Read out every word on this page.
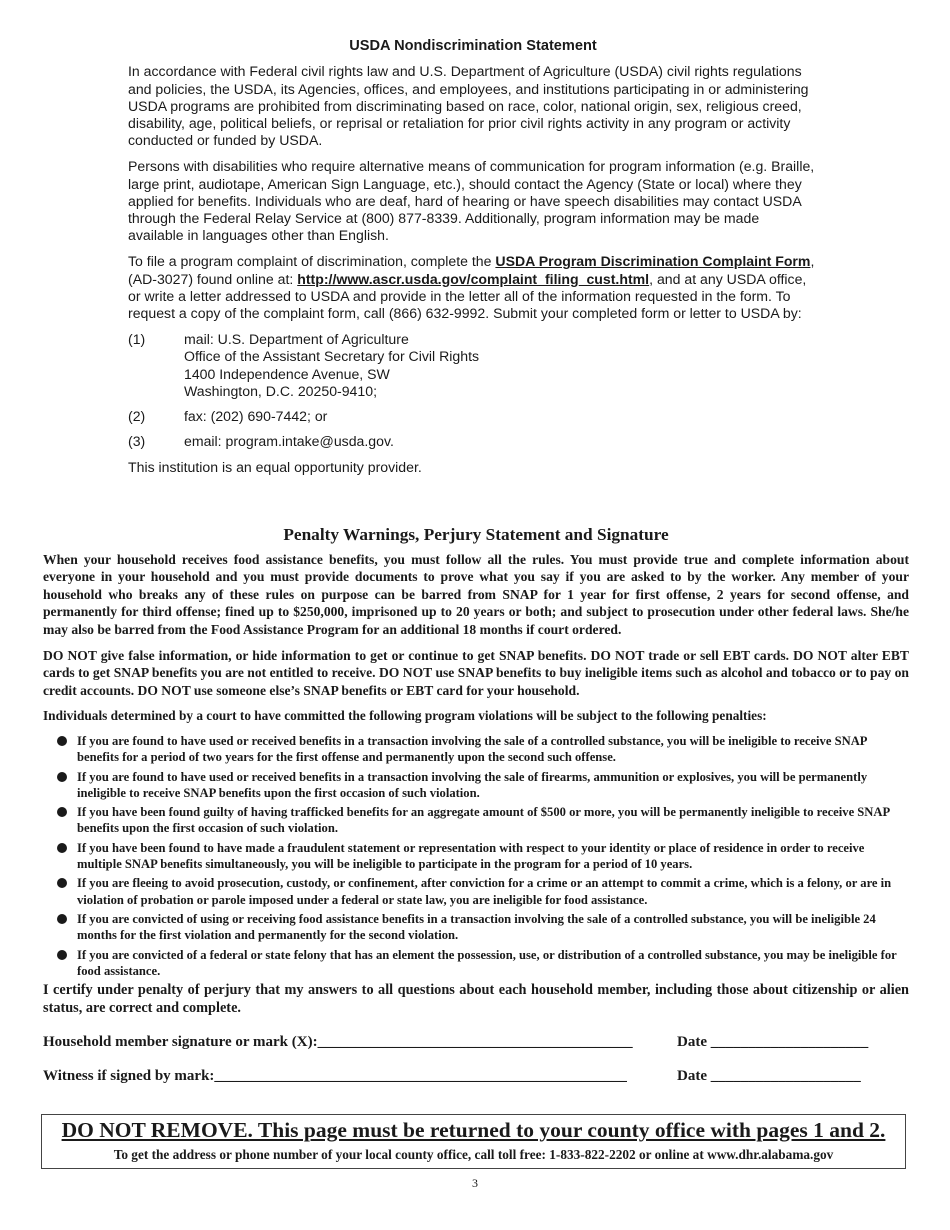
USDA Nondiscrimination Statement

In accordance with Federal civil rights law and U.S. Department of Agriculture (USDA) civil rights regulations and policies, the USDA, its Agencies, offices, and employees, and institutions participating in or administering USDA programs are prohibited from discriminating based on race, color, national origin, sex, religious creed, disability, age, political beliefs, or reprisal or retaliation for prior civil rights activity in any program or activity conducted or funded by USDA.

Persons with disabilities who require alternative means of communication for program information (e.g. Braille, large print, audiotape, American Sign Language, etc.), should contact the Agency (State or local) where they applied for benefits. Individuals who are deaf, hard of hearing or have speech disabilities may contact USDA through the Federal Relay Service at (800) 877-8339. Additionally, program information may be made available in languages other than English.

To file a program complaint of discrimination, complete the USDA Program Discrimination Complaint Form, (AD-3027) found online at: http://www.ascr.usda.gov/complaint_filing_cust.html, and at any USDA office, or write a letter addressed to USDA and provide in the letter all of the information requested in the form. To request a copy of the complaint form, call (866) 632-9992. Submit your completed form or letter to USDA by:

(1)	mail: U.S. Department of Agriculture
Office of the Assistant Secretary for Civil Rights
1400 Independence Avenue, SW
Washington, D.C. 20250-9410;
(2)	fax: (202) 690-7442; or
(3)	email: program.intake@usda.gov.

This institution is an equal opportunity provider.

Penalty Warnings, Perjury Statement and Signature

When your household receives food assistance benefits, you must follow all the rules. You must provide true and complete information about everyone in your household and you must provide documents to prove what you say if you are asked to by the worker. Any member of your household who breaks any of these rules on purpose can be barred from SNAP for 1 year for first offense, 2 years for second offense, and permanently for third offense; fined up to $250,000, imprisoned up to 20 years or both; and subject to prosecution under other federal laws. She/he may also be barred from the Food Assistance Program for an additional 18 months if court ordered.

DO NOT give false information, or hide information to get or continue to get SNAP benefits. DO NOT trade or sell EBT cards. DO NOT alter EBT cards to get SNAP benefits you are not entitled to receive. DO NOT use SNAP benefits to buy ineligible items such as alcohol and tobacco or to pay on credit accounts. DO NOT use someone else’s SNAP benefits or EBT card for your household.

Individuals determined by a court to have committed the following program violations will be subject to the following penalties:

If you are found to have used or received benefits in a transaction involving the sale of a controlled substance, you will be ineligible to receive SNAP benefits for a period of two years for the first offense and permanently upon the second such offense.
If you are found to have used or received benefits in a transaction involving the sale of firearms, ammunition or explosives, you will be permanently ineligible to receive SNAP benefits upon the first occasion of such violation.
If you have been found guilty of having trafficked benefits for an aggregate amount of $500 or more, you will be permanently ineligible to receive SNAP benefits upon the first occasion of such violation.
If you have been found to have made a fraudulent statement or representation with respect to your identity or place of residence in order to receive multiple SNAP benefits simultaneously, you will be ineligible to participate in the program for a period of 10 years.
If you are fleeing to avoid prosecution, custody, or confinement, after conviction for a crime or an attempt to commit a crime, which is a felony, or are in violation of probation or parole imposed under a federal or state law, you are ineligible for food assistance.
If you are convicted of using or receiving food assistance benefits in a transaction involving the sale of a controlled substance, you will be ineligible 24 months for the first violation and permanently for the second violation.
If you are convicted of a federal or state felony that has an element the possession, use, or distribution of a controlled substance, you may be ineligible for food assistance.

I certify under penalty of perjury that my answers to all questions about each household member, including those about citizenship or alien status, are correct and complete.

Household member signature or mark (X):__________________________________________	Date _____________________
Witness if signed by mark:_______________________________________________________	Date ____________________
DO NOT REMOVE. This page must be returned to your county office with pages 1 and 2.
To get the address or phone number of your local county office, call toll free: 1-833-822-2202 or online at www.dhr.alabama.gov
3
